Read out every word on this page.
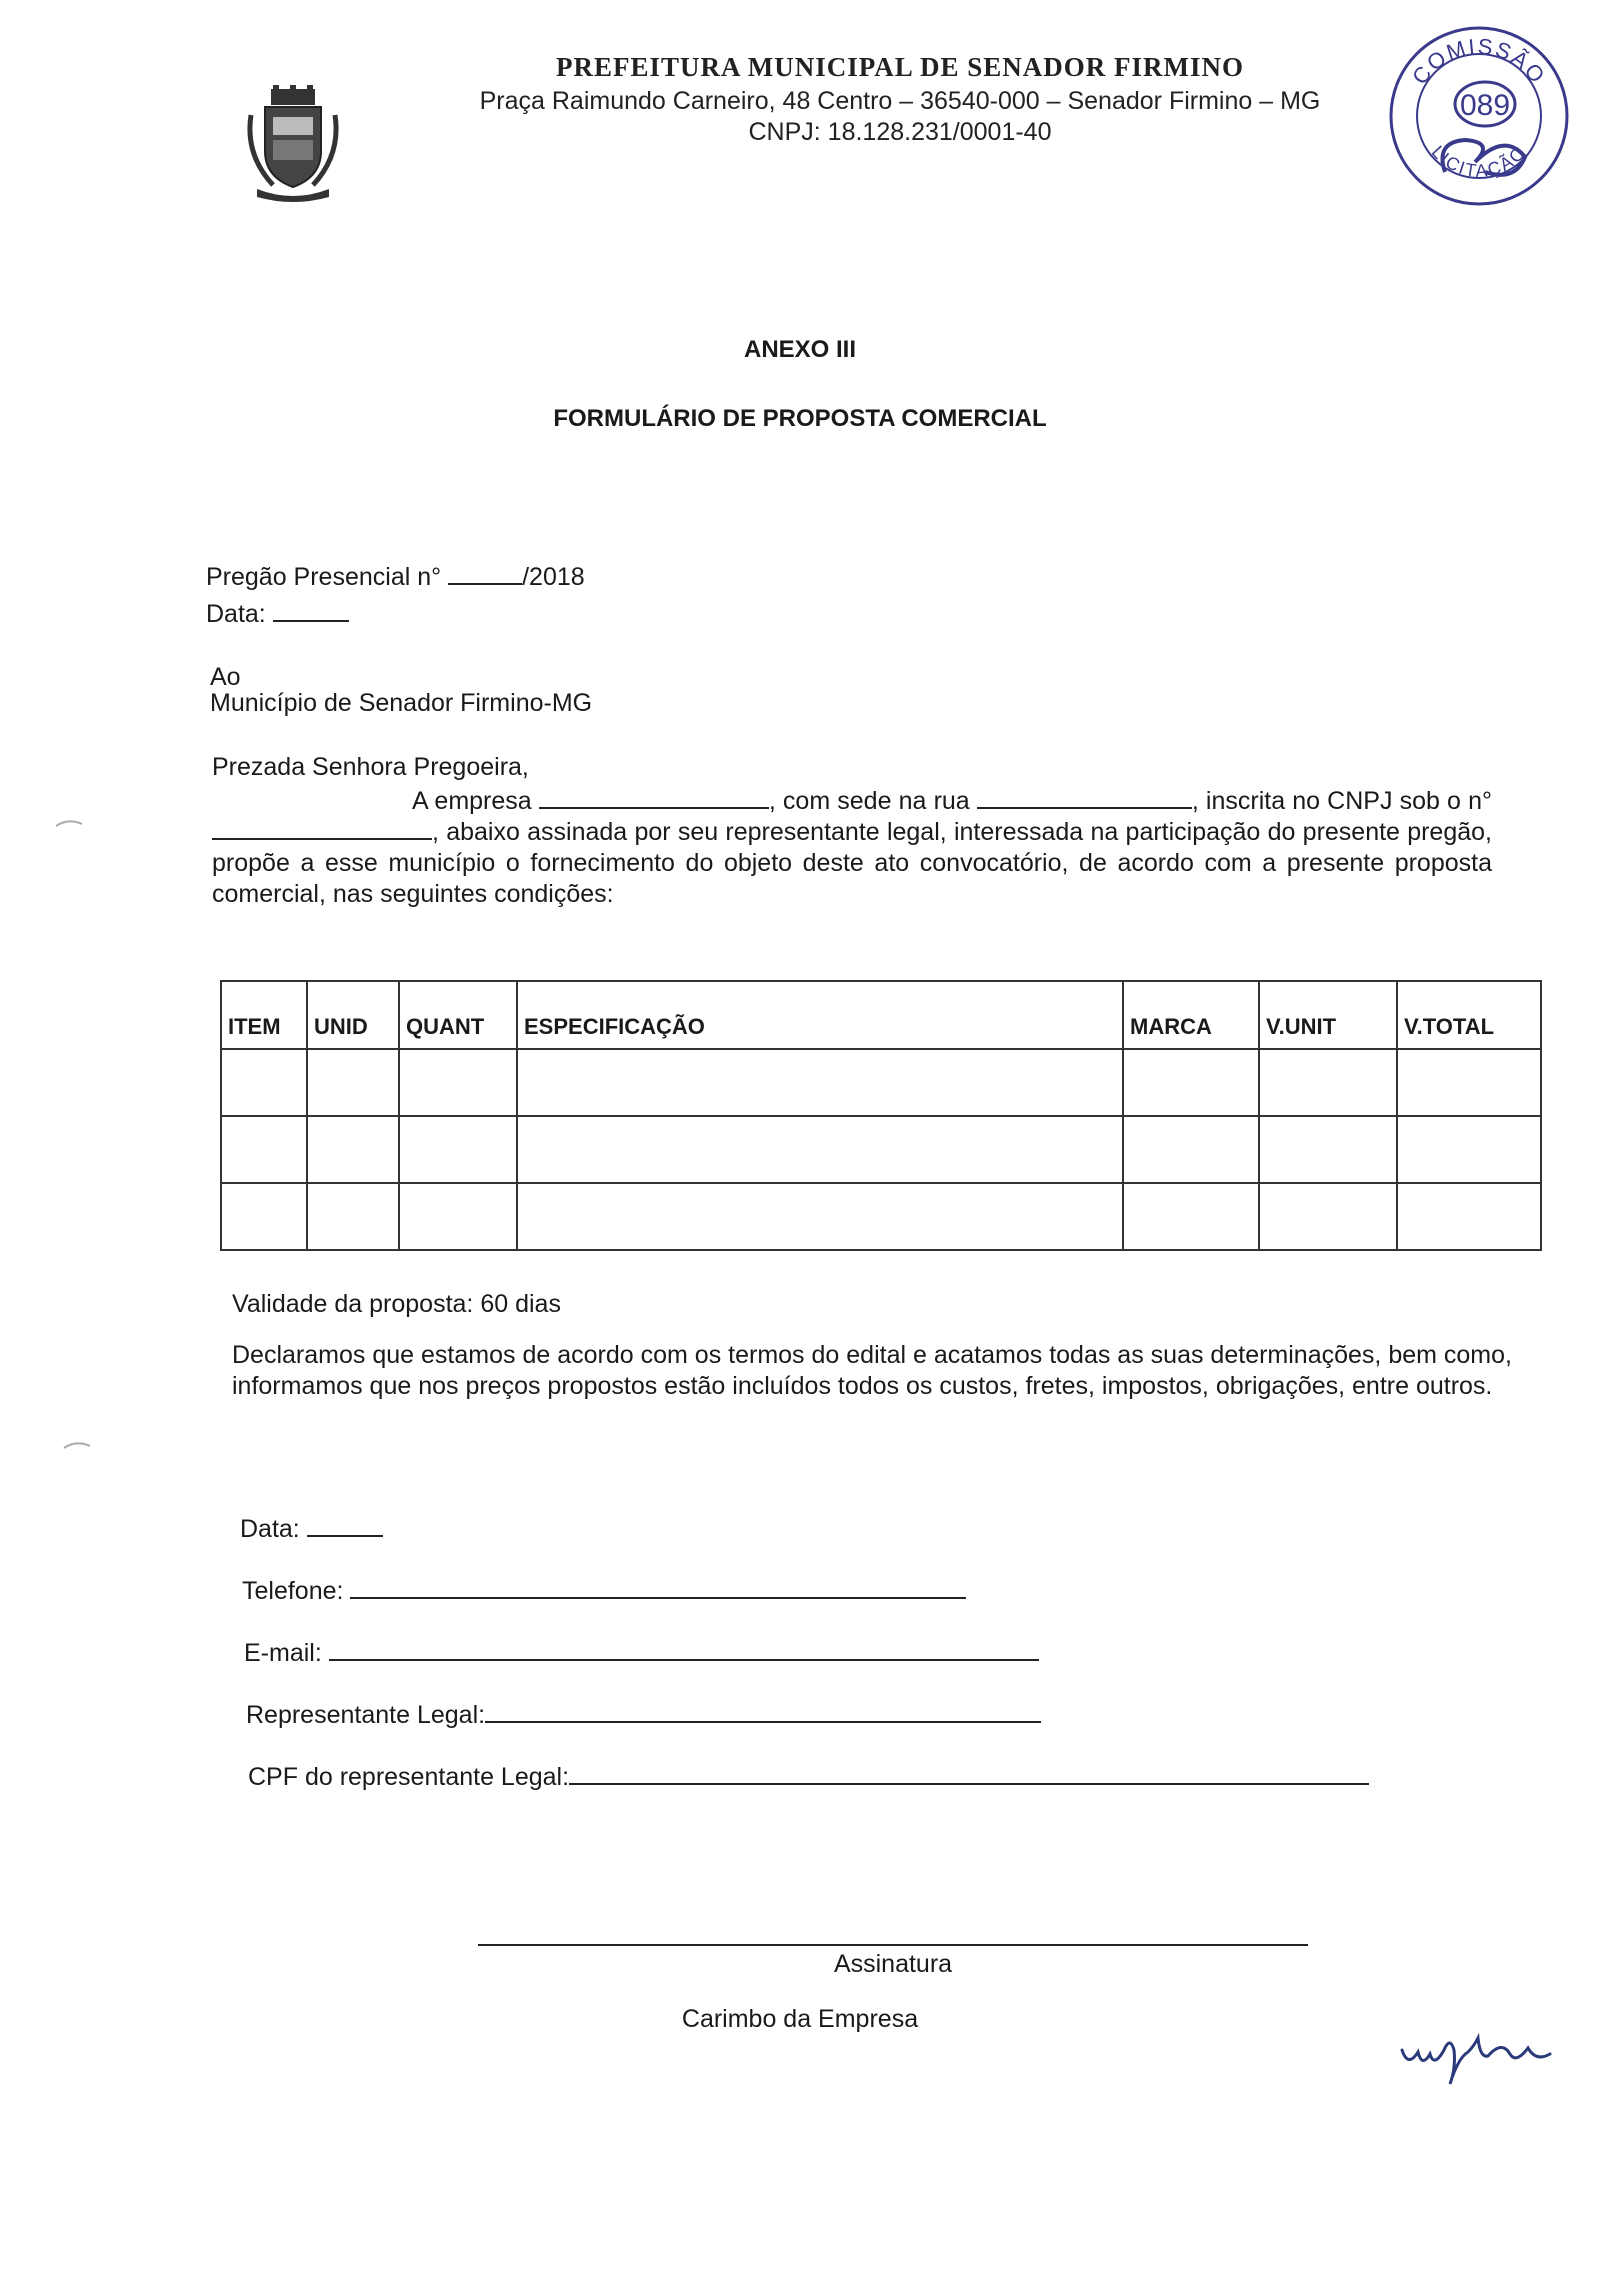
PREFEITURA MUNICIPAL DE SENADOR FIRMINO
Praça Raimundo Carneiro, 48 Centro – 36540-000 – Senador Firmino – MG
CNPJ: 18.128.231/0001-40
COMISSÃO
LICITAÇÃO
089
ANEXO III
FORMULÁRIO DE PROPOSTA COMERCIAL
Pregão Presencial n°	/2018
Data:
Ao
Município de Senador Firmino-MG
Prezada Senhora Pregoeira,
A empresa	, com sede na rua	, inscrita no CNPJ sob o n° , abaixo assinada por seu representante legal, interessada na participação do presente pregão, propõe a esse município o fornecimento do objeto deste ato convocatório, de acordo com a presente proposta comercial, nas seguintes condições:
ITEM	UNID	QUANT	ESPECIFICAÇÃO	MARCA	V.UNIT	V.TOTAL

Validade da proposta: 60 dias
Declaramos que estamos de acordo com os termos do edital e acatamos todas as suas determinações, bem como, informamos que nos preços propostos estão incluídos todos os custos, fretes, impostos, obrigações, entre outros.
Data:
Telefone:
E-mail:
Representante Legal:
CPF do representante Legal:
Assinatura
Carimbo da Empresa
